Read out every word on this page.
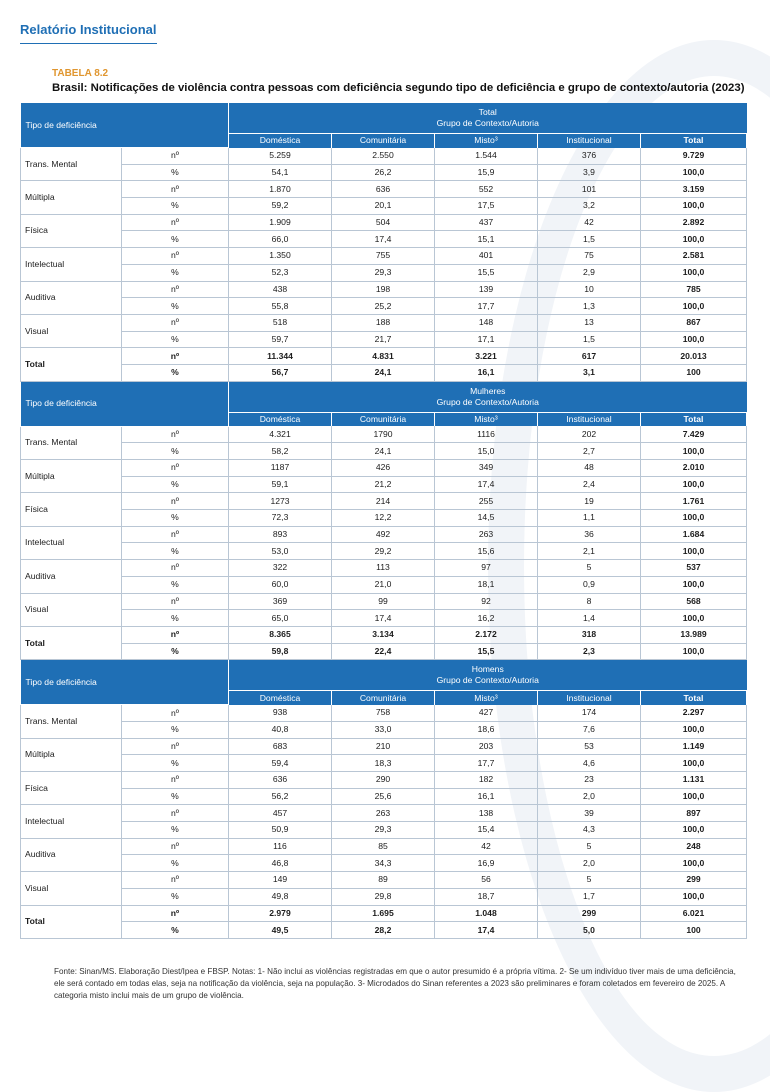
Relatório Institucional
TABELA 8.2
Brasil: Notificações de violência contra pessoas com deficiência segundo tipo de deficiência e grupo de contexto/autoria (2023)
Tipo de deficiência		Total
Grupo de Contexto/Autoria				
		Doméstica	Comunitária	Misto³	Institucional	Total
Trans. Mental	nº	5.259	2.550	1.544	376	9.729
	%	54,1	26,2	15,9	3,9	100,0
Múltipla	nº	1.870	636	552	101	3.159
	%	59,2	20,1	17,5	3,2	100,0
Física	nº	1.909	504	437	42	2.892
	%	66,0	17,4	15,1	1,5	100,0
Intelectual	nº	1.350	755	401	75	2.581
	%	52,3	29,3	15,5	2,9	100,0
Auditiva	nº	438	198	139	10	785
	%	55,8	25,2	17,7	1,3	100,0
Visual	nº	518	188	148	13	867
	%	59,7	21,7	17,1	1,5	100,0
Total	nº	11.344	4.831	3.221	617	20.013
	%	56,7	24,1	16,1	3,1	100
Tipo de deficiência		Mulheres
Grupo de Contexto/Autoria				
		Doméstica	Comunitária	Misto³	Institucional	Total
Trans. Mental	nº	4.321	1790	1116	202	7.429
	%	58,2	24,1	15,0	2,7	100,0
Múltipla	nº	1187	426	349	48	2.010
	%	59,1	21,2	17,4	2,4	100,0
Física	nº	1273	214	255	19	1.761
	%	72,3	12,2	14,5	1,1	100,0
Intelectual	nº	893	492	263	36	1.684
	%	53,0	29,2	15,6	2,1	100,0
Auditiva	nº	322	113	97	5	537
	%	60,0	21,0	18,1	0,9	100,0
Visual	nº	369	99	92	8	568
	%	65,0	17,4	16,2	1,4	100,0
Total	nº	8.365	3.134	2.172	318	13.989
	%	59,8	22,4	15,5	2,3	100,0
Tipo de deficiência		Homens
Grupo de Contexto/Autoria				
		Doméstica	Comunitária	Misto³	Institucional	Total
Trans. Mental	nº	938	758	427	174	2.297
	%	40,8	33,0	18,6	7,6	100,0
Múltipla	nº	683	210	203	53	1.149
	%	59,4	18,3	17,7	4,6	100,0
Física	nº	636	290	182	23	1.131
	%	56,2	25,6	16,1	2,0	100,0
Intelectual	nº	457	263	138	39	897
	%	50,9	29,3	15,4	4,3	100,0
Auditiva	nº	116	85	42	5	248
	%	46,8	34,3	16,9	2,0	100,0
Visual	nº	149	89	56	5	299
	%	49,8	29,8	18,7	1,7	100,0
Total	nº	2.979	1.695	1.048	299	6.021
	%	49,5	28,2	17,4	5,0	100
Fonte: Sinan/MS. Elaboração Diest/Ipea e FBSP. Notas: 1- Não inclui as violências registradas em que o autor presumido é a própria vítima. 2- Se um indivíduo tiver mais de uma deficiência, ele será contado em todas elas, seja na notificação da violência, seja na população. 3- Microdados do Sinan referentes a 2023 são preliminares e foram coletados em fevereiro de 2025. A categoria misto inclui mais de um grupo de violência.
